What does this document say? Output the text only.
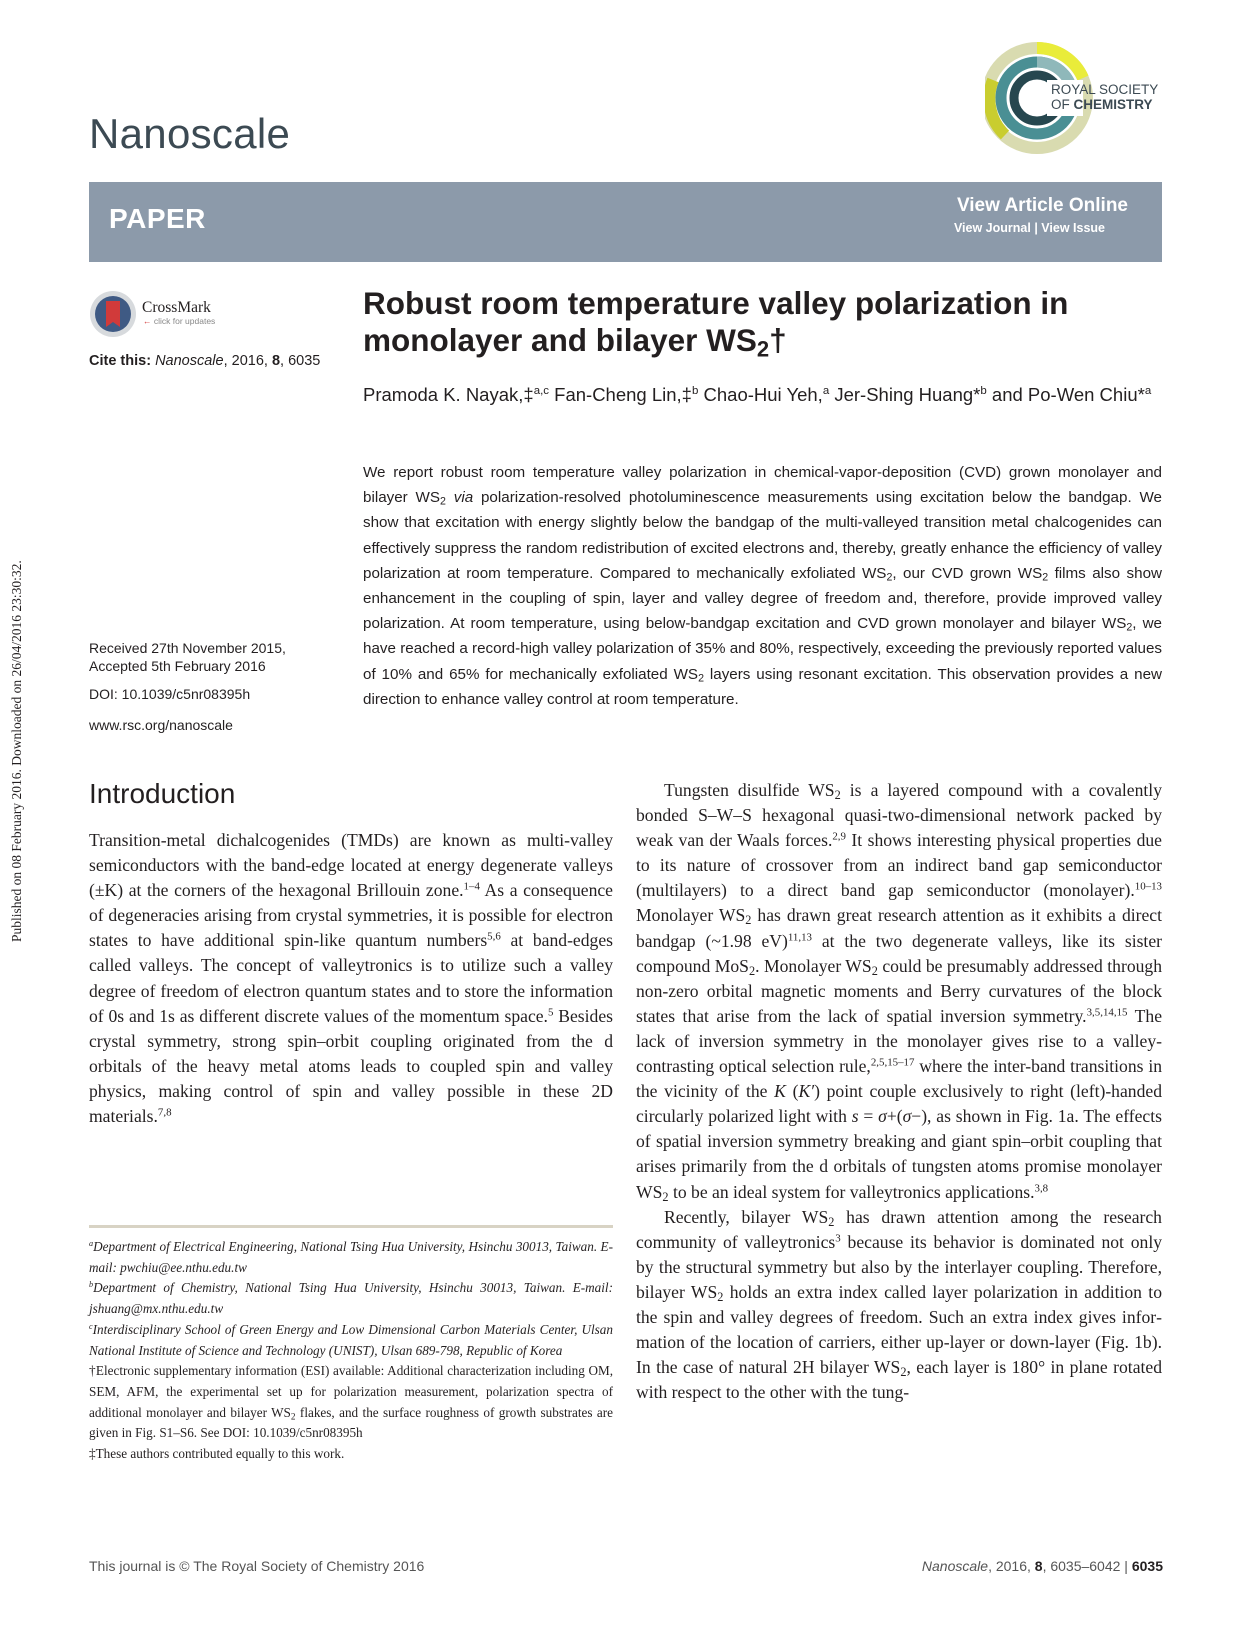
Published on 08 February 2016. Downloaded on 26/04/2016 23:30:32.
Nanoscale
ROYAL SOCIETY
OF CHEMISTRY
PAPER	View Article Online
View Journal | View Issue
CrossMark
← click for updates
Cite this: Nanoscale, 2016, 8, 6035
Robust room temperature valley polarization in monolayer and bilayer $WS_2\dagger$
Pramoda K. Nayak,‡$^{a,c}$ Fan-Cheng Lin,‡$^b$ Chao-Hui Yeh,$^a$ Jer-Shing Huang*$^b$ and Po-Wen Chiu*$^a$
We report robust room temperature valley polarization in chemical-vapor-deposition (CVD) grown monolayer and bilayer $WS_2$ via polarization-resolved photoluminescence measurements using excitation below the bandgap. We show that excitation with energy slightly below the bandgap of the multi-valleyed transition metal chalcogenides can effectively suppress the random redistribution of excited electrons and, thereby, greatly enhance the efficiency of valley polarization at room temperature. Compared to mechanically exfoliated $WS_2$, our CVD grown $WS_2$ films also show enhancement in the coupling of spin, layer and valley degree of freedom and, therefore, provide improved valley polarization. At room temperature, using below-bandgap excitation and CVD grown monolayer and bilayer $WS_2$, we have reached a record-high valley polarization of 35% and 80%, respectively, exceeding the previously reported values of 10% and 65% for mechanically exfoliated $WS_2$ layers using resonant excitation. This observation provides a new direction to enhance valley control at room temperature.
Received 27th November 2015,
Accepted 5th February 2016
DOI: 10.1039/c5nr08395h
www.rsc.org/nanoscale
Introduction

Transition-metal dichalcogenides (TMDs) are known as multi-valley semiconductors with the band-edge located at energy degenerate valleys (±K) at the corners of the hexagonal Brillouin zone.$^{1-4}$ As a consequence of degeneracies arising from crystal symmetries, it is possible for electron states to have additional spin-like quantum numbers$^{5,6}$ at band-edges called valleys. The concept of valleytronics is to utilize such a valley degree of freedom of electron quantum states and to store the information of 0s and 1s as different discrete values of the momentum space.$^5$ Besides crystal symmetry, strong spin–orbit coupling originated from the d orbitals of the heavy metal atoms leads to coupled spin and valley physics, making control of spin and valley possible in these 2D materials.$^{7,8}$

Tungsten disulfide $WS_2$ is a layered compound with a covalently bonded S–W–S hexagonal quasi-two-dimensional network packed by weak van der Waals forces.$^{2,9}$ It shows interesting physical properties due to its nature of crossover from an indirect band gap semiconductor (multilayers) to a direct band gap semiconductor (monolayer).$^{10-13}$ Monolayer $WS_2$ has drawn great research attention as it exhibits a direct bandgap (~1.98 eV)$^{11,13}$ at the two degenerate valleys, like its sister compound MoS$_2$. Monolayer $WS_2$ could be presumably addressed through non-zero orbital magnetic moments and Berry curvatures of the block states that arise from the lack of spatial inversion symmetry.$^{3,5,14,15}$ The lack of inversion symmetry in the monolayer gives rise to a valley-contrasting optical selection rule,$^{2,5,15-17}$ where the inter-band transitions in the vicinity of the K (K′) point couple exclusively to right (left)-handed circularly polarized light with s = σ+(σ−), as shown in Fig. 1a. The effects of spatial inversion symmetry breaking and giant spin–orbit coupling that arises primarily from the d orbitals of tungsten atoms promise monolayer $WS_2$ to be an ideal system for valleytronics applications.$^{3,8}$

Recently, bilayer $WS_2$ has drawn attention among the research community of valleytronics$^3$ because its behavior is dominated not only by the structural symmetry but also by the interlayer coupling. Therefore, bilayer $WS_2$ holds an extra index called layer polarization in addition to the spin and valley degrees of freedom. Such an extra index gives information of the location of carriers, either up-layer or down-layer (Fig. 1b). In the case of natural 2H bilayer $WS_2$, each layer is 180° in plane rotated with respect to the other with the tung-

$^a$Department of Electrical Engineering, National Tsing Hua University, Hsinchu 30013, Taiwan. E-mail: pwchiu@ee.nthu.edu.tw

$^b$Department of Chemistry, National Tsing Hua University, Hsinchu 30013, Taiwan. E-mail: jshuang@mx.nthu.edu.tw

$^c$Interdisciplinary School of Green Energy and Low Dimensional Carbon Materials Center, Ulsan National Institute of Science and Technology (UNIST), Ulsan 689-798, Republic of Korea

†Electronic supplementary information (ESI) available: Additional characterization including OM, SEM, AFM, the experimental set up for polarization measurement, polarization spectra of additional monolayer and bilayer $WS_2$ flakes, and the surface roughness of growth substrates are given in Fig. S1–S6. See DOI: 10.1039/c5nr08395h

‡These authors contributed equally to this work.

This journal is © The Royal Society of Chemistry 2016	Nanoscale, 2016, 8, 6035–6042 | 6035
